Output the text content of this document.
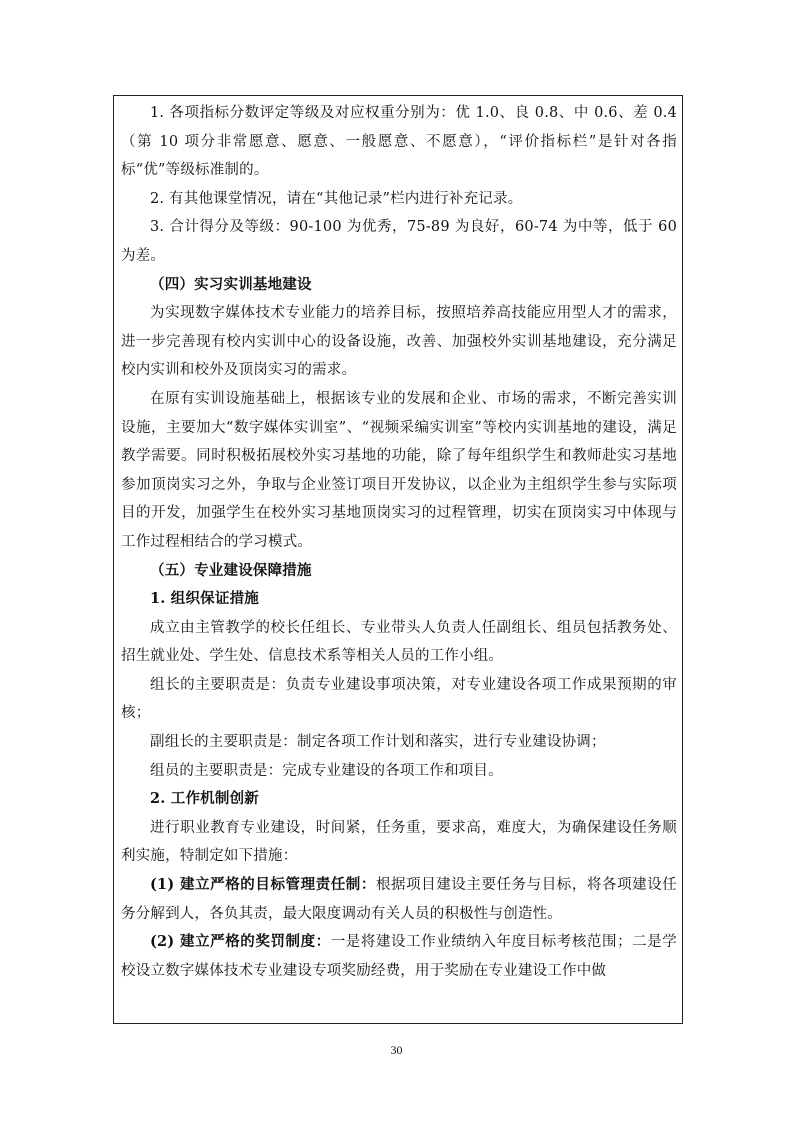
1. 各项指标分数评定等级及对应权重分别为：优 1.0、良 0.8、中 0.6、差 0.4（第 10 项分非常愿意、愿意、一般愿意、不愿意），“评价指标栏”是针对各指标“优”等级标准制的。

2. 有其他课堂情况，请在“其他记录”栏内进行补充记录。

3. 合计得分及等级：90-100 为优秀，75-89 为良好，60-74 为中等，低于 60 为差。

（四）实习实训基地建设

为实现数字媒体技术专业能力的培养目标，按照培养高技能应用型人才的需求，进一步完善现有校内实训中心的设备设施，改善、加强校外实训基地建设，充分满足校内实训和校外及顶岗实习的需求。

在原有实训设施基础上，根据该专业的发展和企业、市场的需求，不断完善实训设施，主要加大“数字媒体实训室”、“视频采编实训室”等校内实训基地的建设，满足教学需要。同时积极拓展校外实习基地的功能，除了每年组织学生和教师赴实习基地参加顶岗实习之外，争取与企业签订项目开发协议，以企业为主组织学生参与实际项目的开发，加强学生在校外实习基地顶岗实习的过程管理，切实在顶岗实习中体现与工作过程相结合的学习模式。

（五）专业建设保障措施

1. 组织保证措施

成立由主管教学的校长任组长、专业带头人负责人任副组长、组员包括教务处、招生就业处、学生处、信息技术系等相关人员的工作小组。

组长的主要职责是：负责专业建设事项决策，对专业建设各项工作成果预期的审核；

副组长的主要职责是：制定各项工作计划和落实，进行专业建设协调；

组员的主要职责是：完成专业建设的各项工作和项目。

2. 工作机制创新

进行职业教育专业建设，时间紧，任务重，要求高，难度大，为确保建设任务顺利实施，特制定如下措施：

(1) 建立严格的目标管理责任制：根据项目建设主要任务与目标，将各项建设任务分解到人，各负其责，最大限度调动有关人员的积极性与创造性。

(2) 建立严格的奖罚制度：一是将建设工作业绩纳入年度目标考核范围；二是学校设立数字媒体技术专业建设专项奖励经费，用于奖励在专业建设工作中做

30
